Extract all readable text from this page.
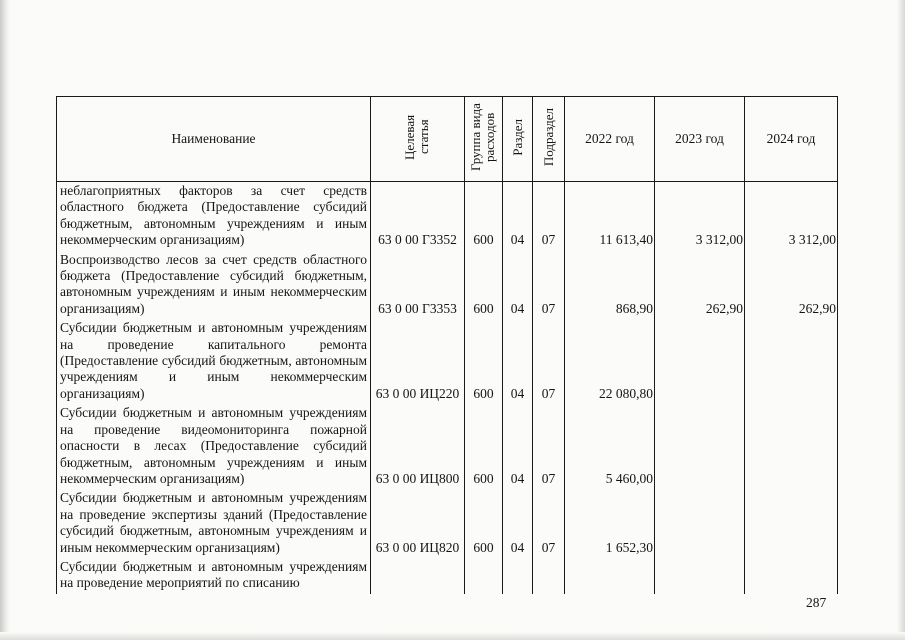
Наименование	Целевая статья	Группа вида расходов	Раздел	Подраздел	2022 год	2023 год	2024 год
неблагоприятных факторов за счет средств областного бюджета (Предоставление субсидий бюджетным, автономным учреждениям и иным некоммерческим организациям)	63 0 00 Г3352	600	04	07	11 613,40	3 312,00	3 312,00
Воспроизводство лесов за счет средств областного бюджета (Предоставление субсидий бюджетным, автономным учреждениям и иным некоммерческим организациям)	63 0 00 Г3353	600	04	07	868,90	262,90	262,90
Субсидии бюджетным и автономным учреждениям на проведение капитального ремонта (Предоставление субсидий бюджетным, автономным учреждениям и иным некоммерческим организациям)	63 0 00 ИЦ220	600	04	07	22 080,80		
Субсидии бюджетным и автономным учреждениям на проведение видеомониторинга пожарной опасности в лесах (Предоставление субсидий бюджетным, автономным учреждениям и иным некоммерческим организациям)	63 0 00 ИЦ800	600	04	07	5 460,00		
Субсидии бюджетным и автономным учреждениям на проведение экспертизы зданий (Предоставление субсидий бюджетным, автономным учреждениям и иным некоммерческим организациям)	63 0 00 ИЦ820	600	04	07	1 652,30		
Субсидии бюджетным и автономным учреждениям на проведение мероприятий по списанию							
287
